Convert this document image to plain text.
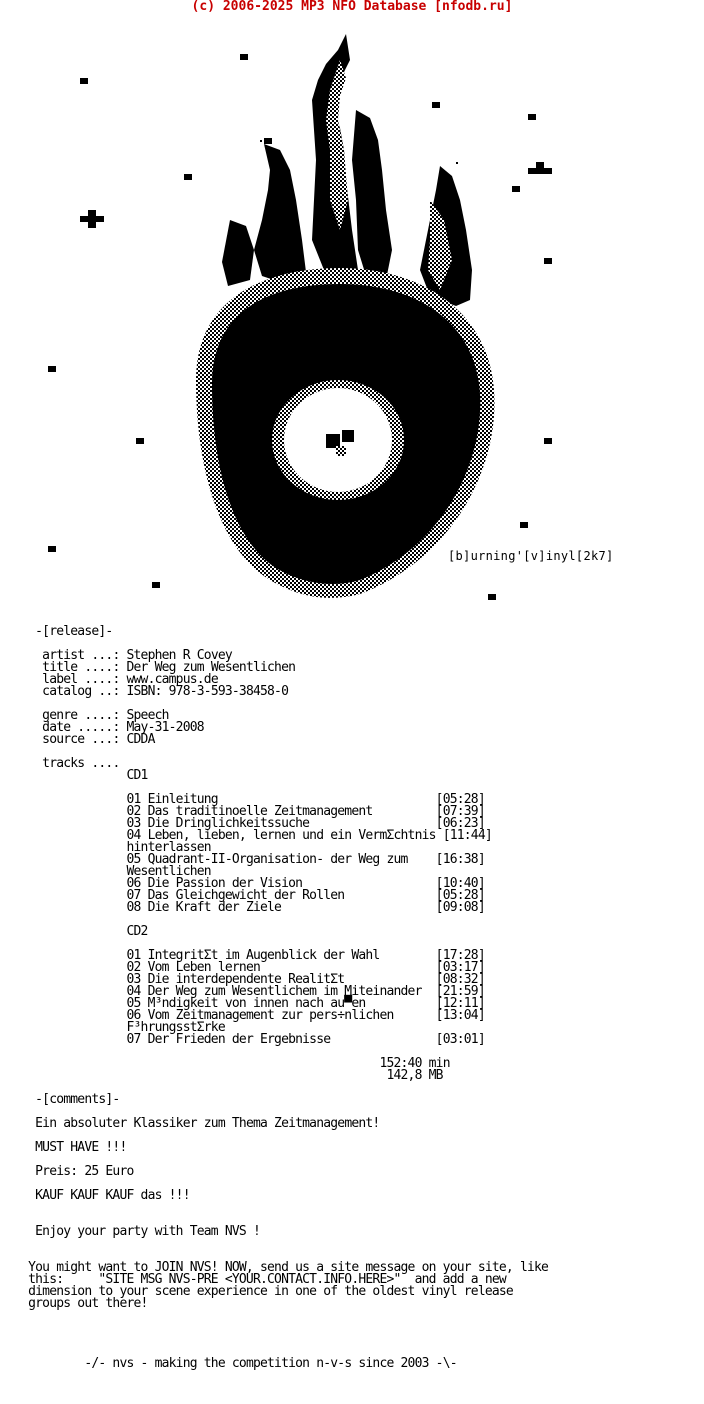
(c) 2006-2025 MP3 NFO Database [nfodb.ru]
[b]urning'[v]inyl[2k7]
-[release]-
artist ...: Stephen R Covey
title ....: Der Weg zum Wesentlichen
label ....: www.campus.de
catalog ..: ISBN: 978-3-593-38458-0
genre ....: Speech
date .....: May-31-2008
source ...: CDDA
tracks ....
CD1
01 Einleitung	[05:28]
02 Das traditinoelle Zeitmanagement	[07:39]
03 Die Dringlichkeitssuche	[06:23]
04 Leben, lieben, lernen und ein VermΣchtnis [11:44]
hinterlassen
05 Quadrant-II-Organisation- der Weg zum [16:38]
Wesentlichen
06 Die Passion der Vision	[10:40]
07 Das Gleichgewicht der Rollen	[05:28]
08 Die Kraft der Ziele	[09:08]
CD2
01 IntegritΣt im Augenblick der Wahl	[17:28]
02 Vom Leben lernen	[03:17]
03 Die interdependente RealitΣt	[08:32]
04 Der Weg zum Wesentlichem im Miteinander [21:59]
05 M³ndigkeit von innen nach au▀en	[12:11]
06 Vom Zeitmanagement zur pers÷nlichen	[13:04]
F³hrungsstΣrke
07 Der Frieden der Ergebnisse	[03:01]
152:40 min
142,8 MB
-[comments]-
Ein absoluter Klassiker zum Thema Zeitmanagement!
MUST HAVE !!!
Preis: 25 Euro
KAUF KAUF KAUF das !!!
Enjoy your party with Team NVS !
You might want to JOIN NVS! NOW, send us a site message on your site, like
this:     "SITE MSG NVS-PRE <YOUR.CONTACT.INFO.HERE>"  and add a new
dimension to your scene experience in one of the oldest vinyl release
groups out there!
-/- nvs - making the competition n-v-s since 2003 -\-
